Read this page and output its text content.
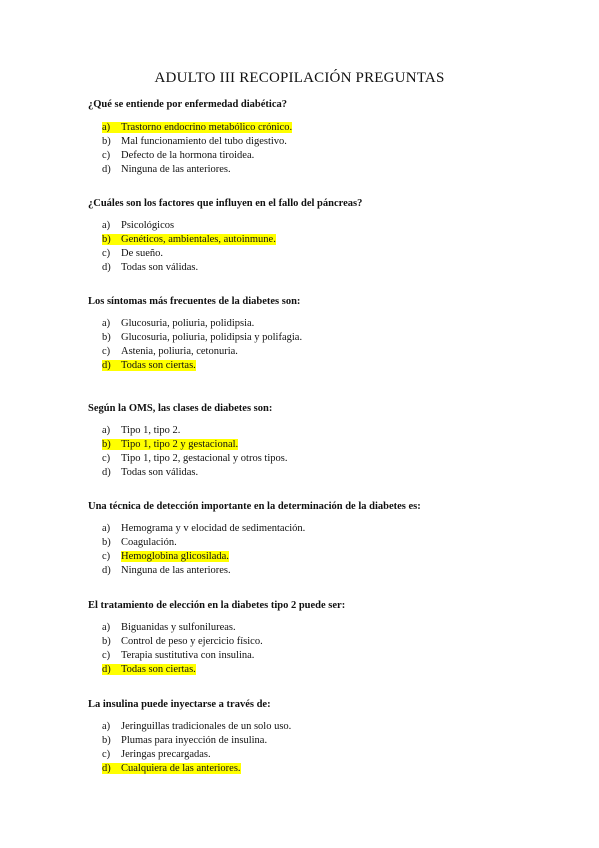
ADULTO III RECOPILACIÓN PREGUNTAS
¿Qué se entiende por enfermedad diabética?
a) Trastorno endocrino metabólico crónico.
b) Mal funcionamiento del tubo digestivo.
c) Defecto de la hormona tiroidea.
d) Ninguna de las anteriores.
¿Cuáles son los factores que influyen en el fallo del páncreas?
a) Psicológicos
b) Genéticos, ambientales, autoinmune.
c) De sueño.
d) Todas son válidas.
Los síntomas más frecuentes de la diabetes son:
a) Glucosuria, poliuria, polidipsia.
b) Glucosuria, poliuria, polidipsia y polifagia.
c) Astenia, poliuria, cetonuria.
d) Todas son ciertas.
Según la OMS, las clases de diabetes son:
a) Tipo 1, tipo 2.
b) Tipo 1, tipo 2 y gestacional.
c) Tipo 1, tipo 2, gestacional y otros tipos.
d) Todas son válidas.
Una técnica de detección importante en la determinación de la diabetes es:
a) Hemograma y v elocidad de sedimentación.
b) Coagulación.
c) Hemoglobina glicosilada.
d) Ninguna de las anteriores.
El tratamiento de elección en la diabetes tipo 2 puede ser:
a) Biguanidas y sulfonilureas.
b) Control de peso y ejercicio físico.
c) Terapia sustitutiva con insulina.
d) Todas son ciertas.
La insulina puede inyectarse a través de:
a) Jeringuillas tradicionales de un solo uso.
b) Plumas para inyección de insulina.
c) Jeringas precargadas.
d) Cualquiera de las anteriores.
